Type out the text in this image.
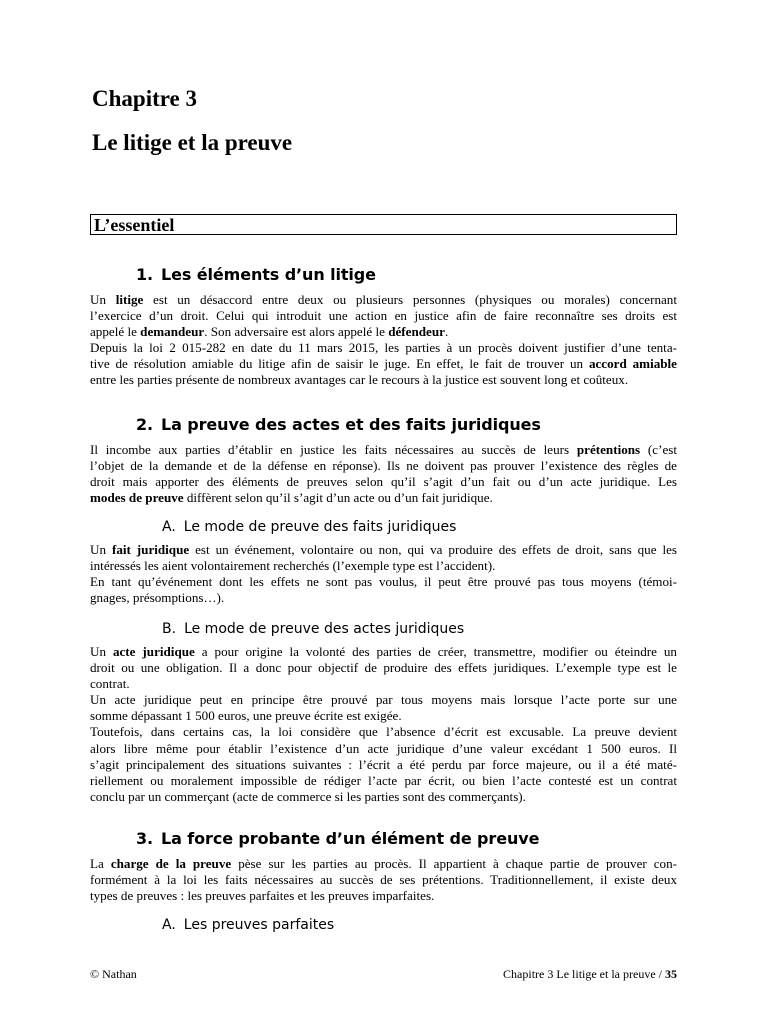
Chapitre 3
Le litige et la preuve
L’essentiel
1. Les éléments d’un litige
Un litige est un désaccord entre deux ou plusieurs personnes (physiques ou morales) concernant
l’exercice d’un droit. Celui qui introduit une action en justice afin de faire reconnaître ses droits est
appelé le demandeur. Son adversaire est alors appelé le défendeur.
Depuis la loi 2 015-282 en date du 11 mars 2015, les parties à un procès doivent justifier d’une tenta-
tive de résolution amiable du litige afin de saisir le juge. En effet, le fait de trouver un accord amiable
entre les parties présente de nombreux avantages car le recours à la justice est souvent long et coûteux.
2. La preuve des actes et des faits juridiques
Il incombe aux parties d’établir en justice les faits nécessaires au succès de leurs prétentions (c’est
l’objet de la demande et de la défense en réponse). Ils ne doivent pas prouver l’existence des règles de
droit mais apporter des éléments de preuves selon qu’il s’agit d’un fait ou d’un acte juridique. Les
modes de preuve diffèrent selon qu’il s’agit d’un acte ou d’un fait juridique.
A. Le mode de preuve des faits juridiques
Un fait juridique est un événement, volontaire ou non, qui va produire des effets de droit, sans que les
intéressés les aient volontairement recherchés (l’exemple type est l’accident).
En tant qu’événement dont les effets ne sont pas voulus, il peut être prouvé pas tous moyens (témoi-
gnages, présomptions…).
B. Le mode de preuve des actes juridiques
Un acte juridique a pour origine la volonté des parties de créer, transmettre, modifier ou éteindre un
droit ou une obligation. Il a donc pour objectif de produire des effets juridiques. L’exemple type est le
contrat.
Un acte juridique peut en principe être prouvé par tous moyens mais lorsque l’acte porte sur une
somme dépassant 1 500 euros, une preuve écrite est exigée.
Toutefois, dans certains cas, la loi considère que l’absence d’écrit est excusable. La preuve devient
alors libre même pour établir l’existence d’un acte juridique d’une valeur excédant 1 500 euros. Il
s’agit principalement des situations suivantes : l’écrit a été perdu par force majeure, ou il a été maté-
riellement ou moralement impossible de rédiger l’acte par écrit, ou bien l’acte contesté est un contrat
conclu par un commerçant (acte de commerce si les parties sont des commerçants).
3. La force probante d’un élément de preuve
La charge de la preuve pèse sur les parties au procès. Il appartient à chaque partie de prouver con-
formément à la loi les faits nécessaires au succès de ses prétentions. Traditionnellement, il existe deux
types de preuves : les preuves parfaites et les preuves imparfaites.
A. Les preuves parfaites
© Nathan	Chapitre 3 Le litige et la preuve / 35
